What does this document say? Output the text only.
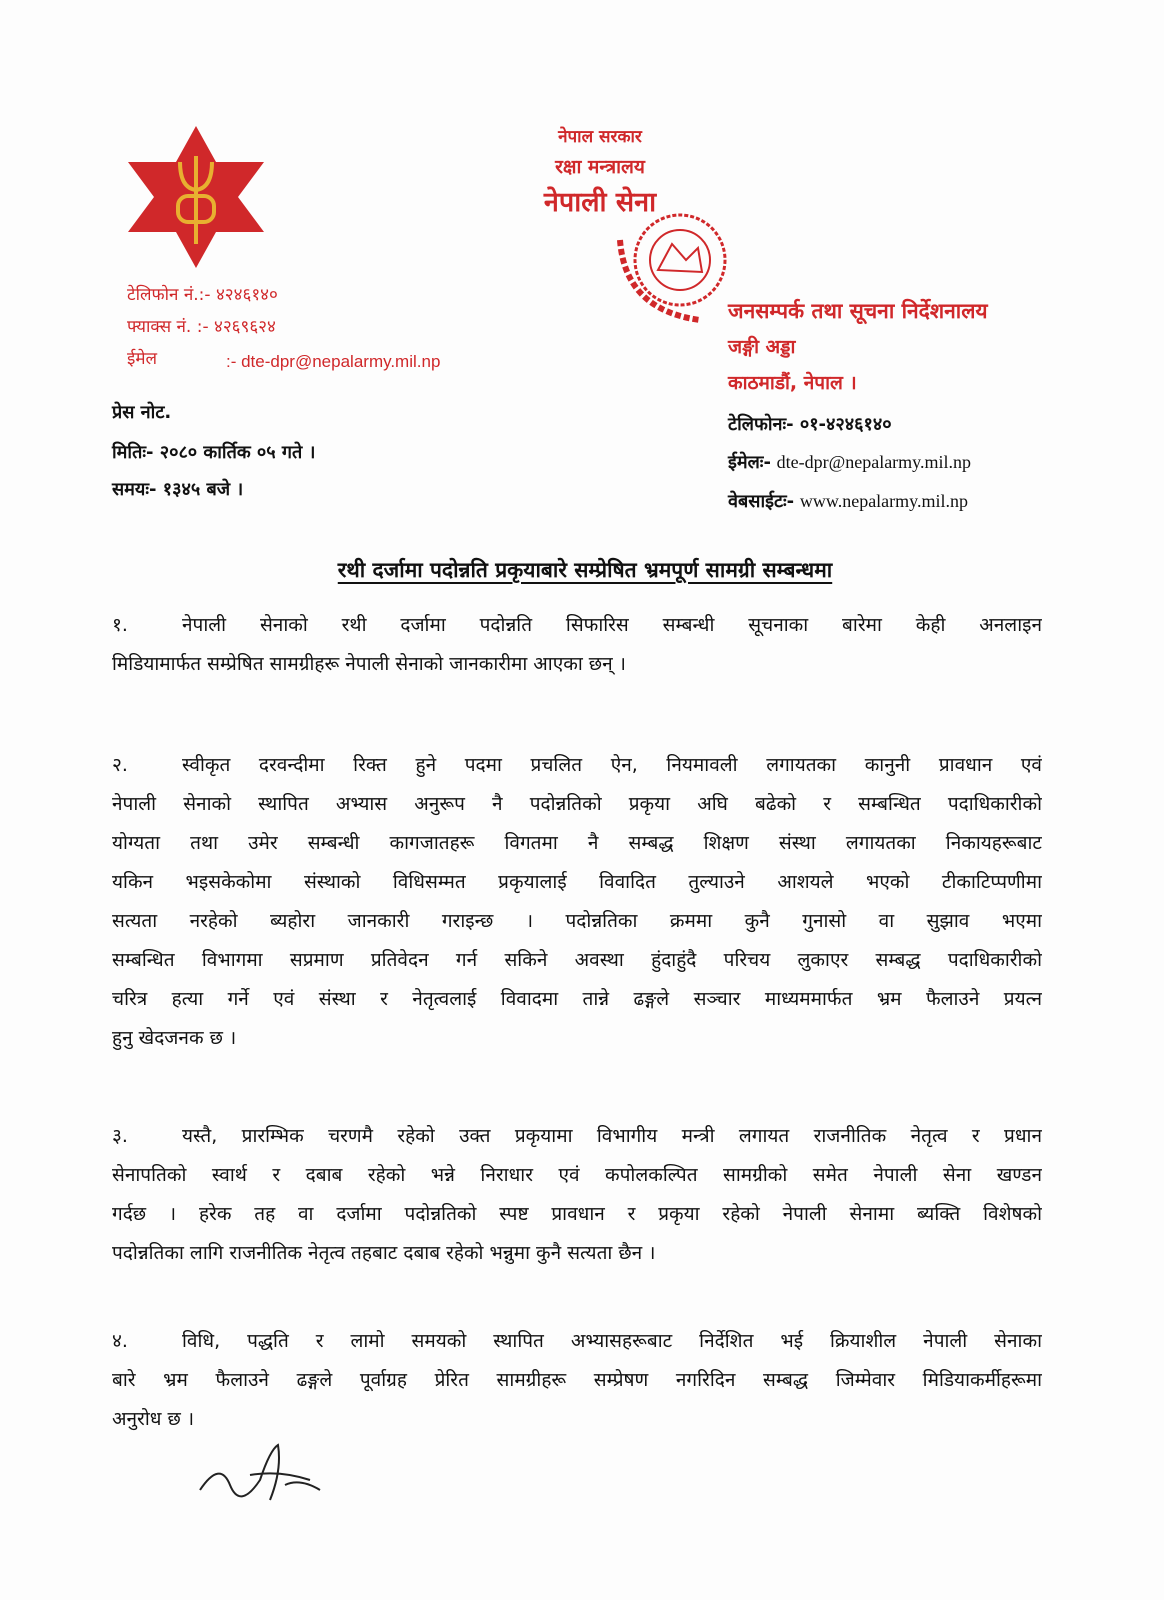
नेपाल सरकार
रक्षा मन्त्रालय
नेपाली सेना
टेलिफोन नं.:- ४२४६१४०
फ्याक्स नं. :- ४२६९६२४
ईमेल	:- dte-dpr@nepalarmy.mil.np
जनसम्पर्क तथा सूचना निर्देशनालय
जङ्गी अड्डा
काठमाडौं, नेपाल ।
टेलिफोनः- ०१-४२४६१४०
ईमेलः- dte-dpr@nepalarmy.mil.np
वेबसाईटः- www.nepalarmy.mil.np
प्रेस नोट.
मितिः- २०८० कार्तिक ०५ गते ।
समयः- १३४५ बजे ।
रथी दर्जामा पदोन्नति प्रकृयाबारे सम्प्रेषित भ्रमपूर्ण सामग्री सम्बन्धमा
१.	नेपाली सेनाको रथी दर्जामा पदोन्नति सिफारिस सम्बन्धी सूचनाका बारेमा केही अनलाइन
मिडियामार्फत सम्प्रेषित सामग्रीहरू नेपाली सेनाको जानकारीमा आएका छन् ।
२.	स्वीकृत दरवन्दीमा रिक्त हुने पदमा प्रचलित ऐन, नियमावली लगायतका कानुनी प्रावधान एवं
नेपाली सेनाको स्थापित अभ्यास अनुरूप नै पदोन्नतिको प्रकृया अघि बढेको र सम्बन्धित पदाधिकारीको
योग्यता तथा उमेर सम्बन्धी कागजातहरू विगतमा नै सम्बद्ध शिक्षण संस्था लगायतका निकायहरूबाट
यकिन भइसकेकोमा संस्थाको विधिसम्मत प्रकृयालाई विवादित तुल्याउने आशयले भएको टीकाटिप्पणीमा
सत्यता नरहेको ब्यहोरा जानकारी गराइन्छ । पदोन्नतिका क्रममा कुनै गुनासो वा सुझाव भएमा
सम्बन्धित विभागमा सप्रमाण प्रतिवेदन गर्न सकिने अवस्था हुंदाहुंदै परिचय लुकाएर सम्बद्ध पदाधिकारीको
चरित्र हत्या गर्ने एवं संस्था र नेतृत्वलाई विवादमा तान्ने ढङ्गले सञ्चार माध्यममार्फत भ्रम फैलाउने प्रयत्न
हुनु खेदजनक छ ।
३.	यस्तै, प्रारम्भिक चरणमै रहेको उक्त प्रकृयामा विभागीय मन्त्री लगायत राजनीतिक नेतृत्व र प्रधान
सेनापतिको स्वार्थ र दबाब रहेको भन्ने निराधार एवं कपोलकल्पित सामग्रीको समेत नेपाली सेना खण्डन
गर्दछ । हरेक तह वा दर्जामा पदोन्नतिको स्पष्ट प्रावधान र प्रकृया रहेको नेपाली सेनामा ब्यक्ति विशेषको
पदोन्नतिका लागि राजनीतिक नेतृत्व तहबाट दबाब रहेको भन्नुमा कुनै सत्यता छैन ।
४.	विधि, पद्धति र लामो समयको स्थापित अभ्यासहरूबाट निर्देशित भई क्रियाशील नेपाली सेनाका
बारे भ्रम फैलाउने ढङ्गले पूर्वाग्रह प्रेरित सामग्रीहरू सम्प्रेषण नगरिदिन सम्बद्ध जिम्मेवार मिडियाकर्मीहरूमा
अनुरोध छ ।
